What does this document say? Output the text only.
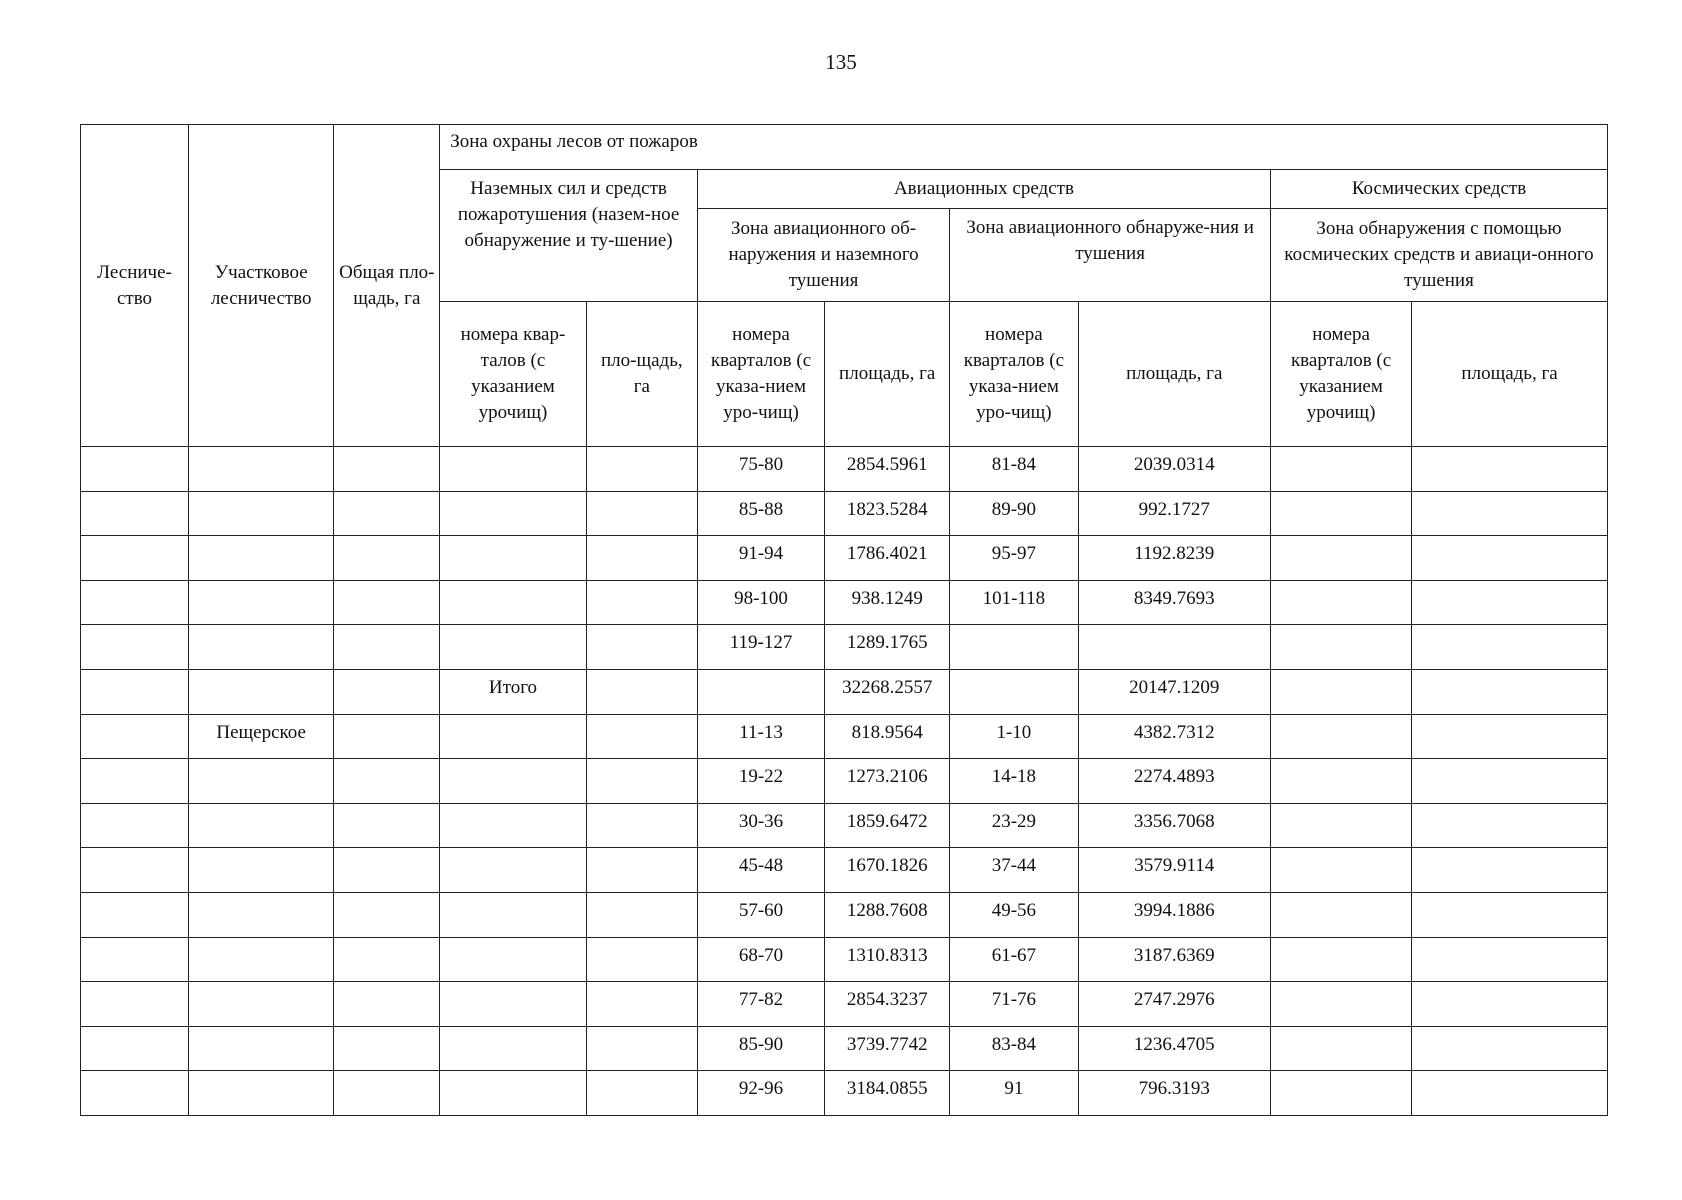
135
Лесниче-ство	Участковое лесничество	Общая пло-щадь, га	Зона охраны лесов от пожаров							
			Наземных сил и средств пожаротушения (назем-ное обнаружение и ту-шение)		Авиационных средств				Космических средств	
					Зона авиационного об-наружения и наземного тушения		Зона авиационного обнаруже-ния и тушения		Зона обнаружения с помощью космических средств и авиаци-онного тушения	
			номера квар-талов (с указанием урочищ)	пло-щадь, га	номера кварталов (с указа-нием уро-чищ)	площадь, га	номера кварталов (с указа-нием уро-чищ)	площадь, га	номера кварталов (с указанием урочищ)	площадь, га
					75-80	2854.5961	81-84	2039.0314		
					85-88	1823.5284	89-90	992.1727		
					91-94	1786.4021	95-97	1192.8239		
					98-100	938.1249	101-118	8349.7693		
					119-127	1289.1765				
			Итого			32268.2557		20147.1209		
	Пещерское				11-13	818.9564	1-10	4382.7312		
					19-22	1273.2106	14-18	2274.4893		
					30-36	1859.6472	23-29	3356.7068		
					45-48	1670.1826	37-44	3579.9114		
					57-60	1288.7608	49-56	3994.1886		
					68-70	1310.8313	61-67	3187.6369		
					77-82	2854.3237	71-76	2747.2976		
					85-90	3739.7742	83-84	1236.4705		
					92-96	3184.0855	91	796.3193		
